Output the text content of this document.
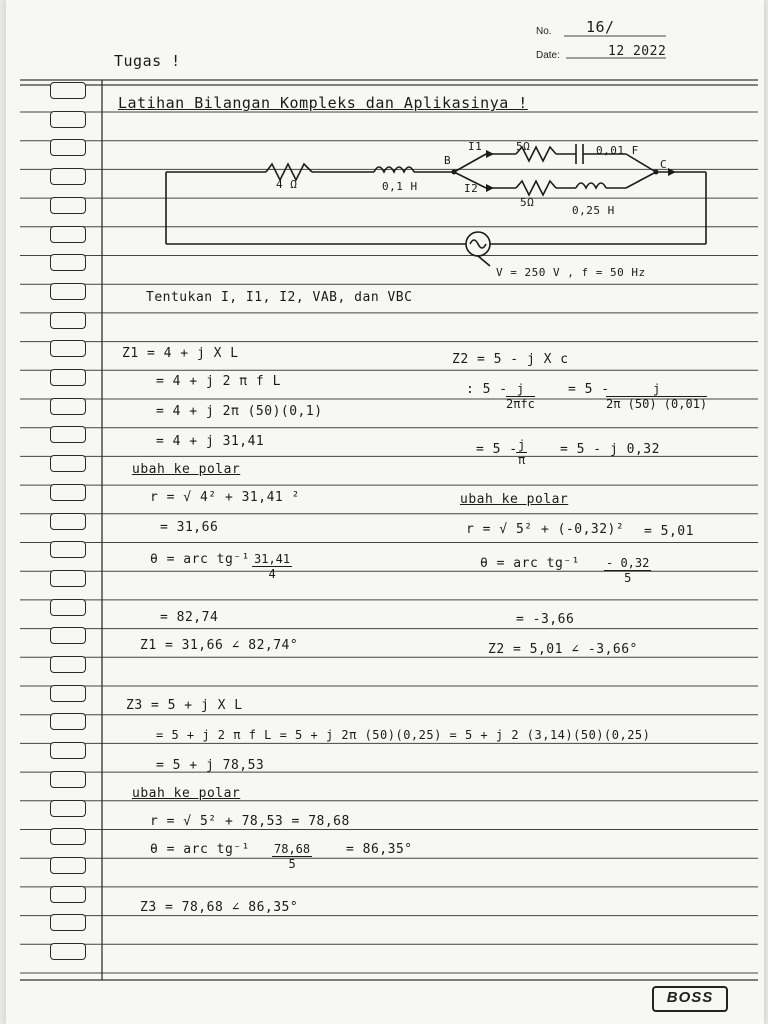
No. 16/
Date:	12 2022
Tugas !
Latihan Bilangan Kompleks dan Aplikasinya !
4 Ω	0,1 H
B
I1
I2
5Ω	0,01 F
C
5Ω
0,25 H
V = 250 V , f = 50 Hz
Tentukan I, I1, I2, VAB, dan VBC
Z1 = 4 + j X L
= 4 + j 2 π f L
= 4 + j 2π (50)(0,1)
= 4 + j 31,41
ubah ke polar
r = √ 4² + 31,41 ²
= 31,66
θ = arc $tg^{-1} \frac{31,41}{4}$
= 82,74
Z1 = 31,66 ∠ 82,74°
Z2 = 5 - j X c
: 5 - j
2πfc
= 5 -
$\frac{j}{2\pi (50) (0,01)}$
= 5 -
$\frac{j}{\pi}$	= 5 - j 0,32
ubah ke polar
r = √ 5² + (-0,32)² = 5,01
θ = arc $tg^{-1} \frac{- 0,32}{5}$
= -3,66
Z2 = 5,01 ∠ -3,66°
Z3 = 5 + j X L
= 5 + j 2 π f L = 5 + j 2π (50)(0,25) = 5 + j 2 (3,14)(50)(0,25)
= 5 + j 78,53
ubah ke polar
r = √ 5² + 78,53 = 78,68
θ = arc $tg^{-1} \frac{78,68}{5}$	= 86,35°
Z3 = 78,68 ∠ 86,35°
BOSS
